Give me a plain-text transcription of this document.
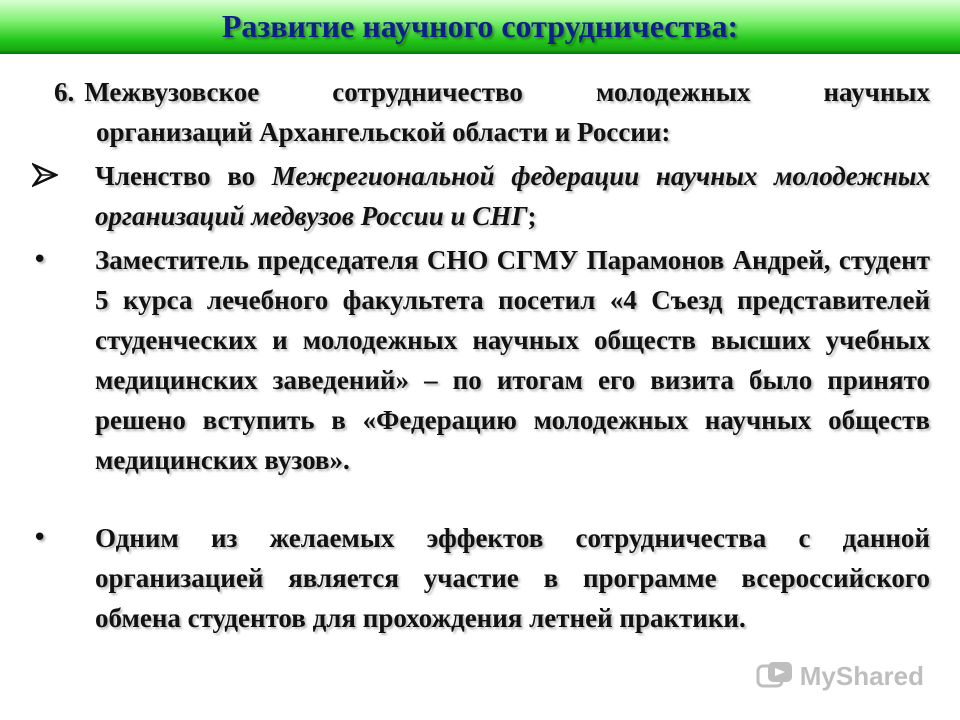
Развитие научного сотрудничества:
6. Межвузовское сотрудничество молодежных научных
организаций Архангельской области и России:
Членство во Межрегиональной федерации научных молодежных организаций медвузов России и СНГ;
•	Заместитель председателя СНО СГМУ Парамонов Андрей, студент 5 курса лечебного факультета посетил «4 Съезд представителей студенческих и молодежных научных обществ высших учебных медицинских заведений» – по итогам его визита было принято решено вступить в «Федерацию молодежных научных обществ медицинских вузов».
•	Одним из желаемых эффектов сотрудничества с данной организацией является участие в программе всероссийского обмена студентов для прохождения летней практики.
MyShared
